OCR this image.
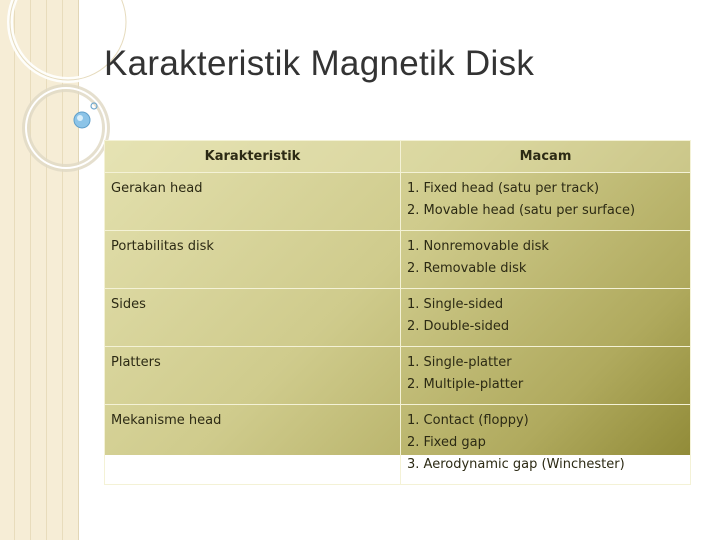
Karakteristik Magnetik Disk
Karakteristik	Macam
Gerakan head	1. Fixed head (satu per track)
2. Movable head (satu per surface)

Portabilitas disk	1. Nonremovable disk
2. Removable disk

Sides	1. Single-sided
2. Double-sided

Platters	1. Single-platter
2. Multiple-platter

Mekanisme head	1. Contact (floppy)
2. Fixed gap
3. Aerodynamic gap (Winchester)
